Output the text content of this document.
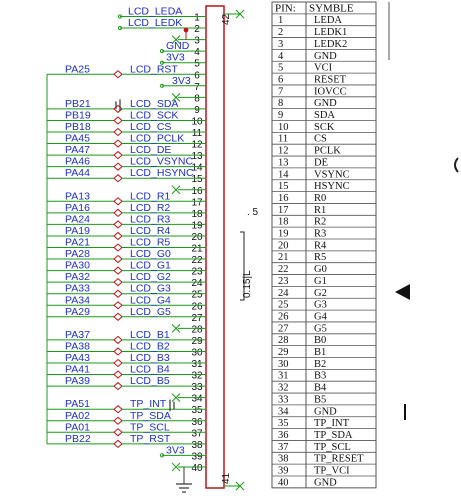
42
41
. 5
0.15|L
1
LCD_LEDA
2
LCD_LEDK
3
4
GND
5
3V3
6
PA25	LCD_RST
7
3V3
8
9
PB21	LCD_SDA
10
PB19	LCD_SCK
11
PB18	LCD_CS
12
PA45	LCD_PCLK
13
PA47	LCD_DE
14
PA46	LCD_VSYNC
15
PA44	LCD_HSYNC
16
17
PA13	LCD_R1
18
PA16	LCD_R2
19
PA24	LCD_R3
20
PA19	LCD_R4
21
PA21	LCD_R5
22
PA28	LCD_G0
23
PA30	LCD_G1
24
PA32	LCD_G2
25
PA33	LCD_G3
26
PA34	LCD_G4
27
PA29	LCD_G5
28
29
PA37	LCD_B1
30
PA38	LCD_B2
31
PA43	LCD_B3
32
PA41	LCD_B4
33
PA39	LCD_B5
34
35
PA51	TP_INT
36
PA02	TP_SDA
37
PA01	TP_SCL
38
PB22	TP_RST
39
3V3
40
PIN: SYMBLE
1	LEDA
2	LEDK1
3	LEDK2
4	GND
5	VCI
6	RESET
7	IOVCC
8	GND
9	SDA
10 SCK
11 CS
12 PCLK
13 DE
14 VSYNC
15 HSYNC
16 R0
17 R1
18 R2
19 R3
20 R4
21 R5
22 G0
23 G1
24 G2
25 G3
26 G4
27 G5
28 B0
29 B1
30 B2
31 B3
32 B4
33 B5
34 GND
35 TP_INT
36 TP_SDA
37 TP_SCL
38 TP_RESET
39 TP_VCI
40 GND
